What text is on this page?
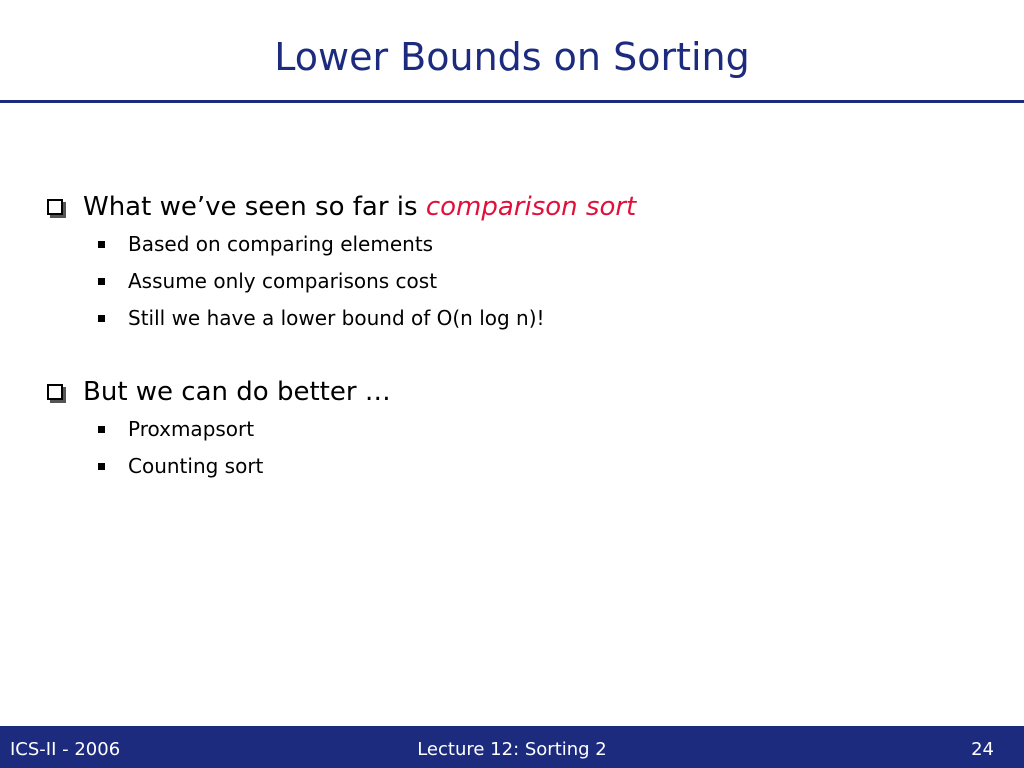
Lower Bounds on Sorting
What we’ve seen so far is comparison sort
Based on comparing elements
Assume only comparisons cost
Still we have a lower bound of O(n log n)!
But we can do better …
Proxmapsort
Counting sort
ICS-II - 2006	Lecture 12: Sorting 2	24
